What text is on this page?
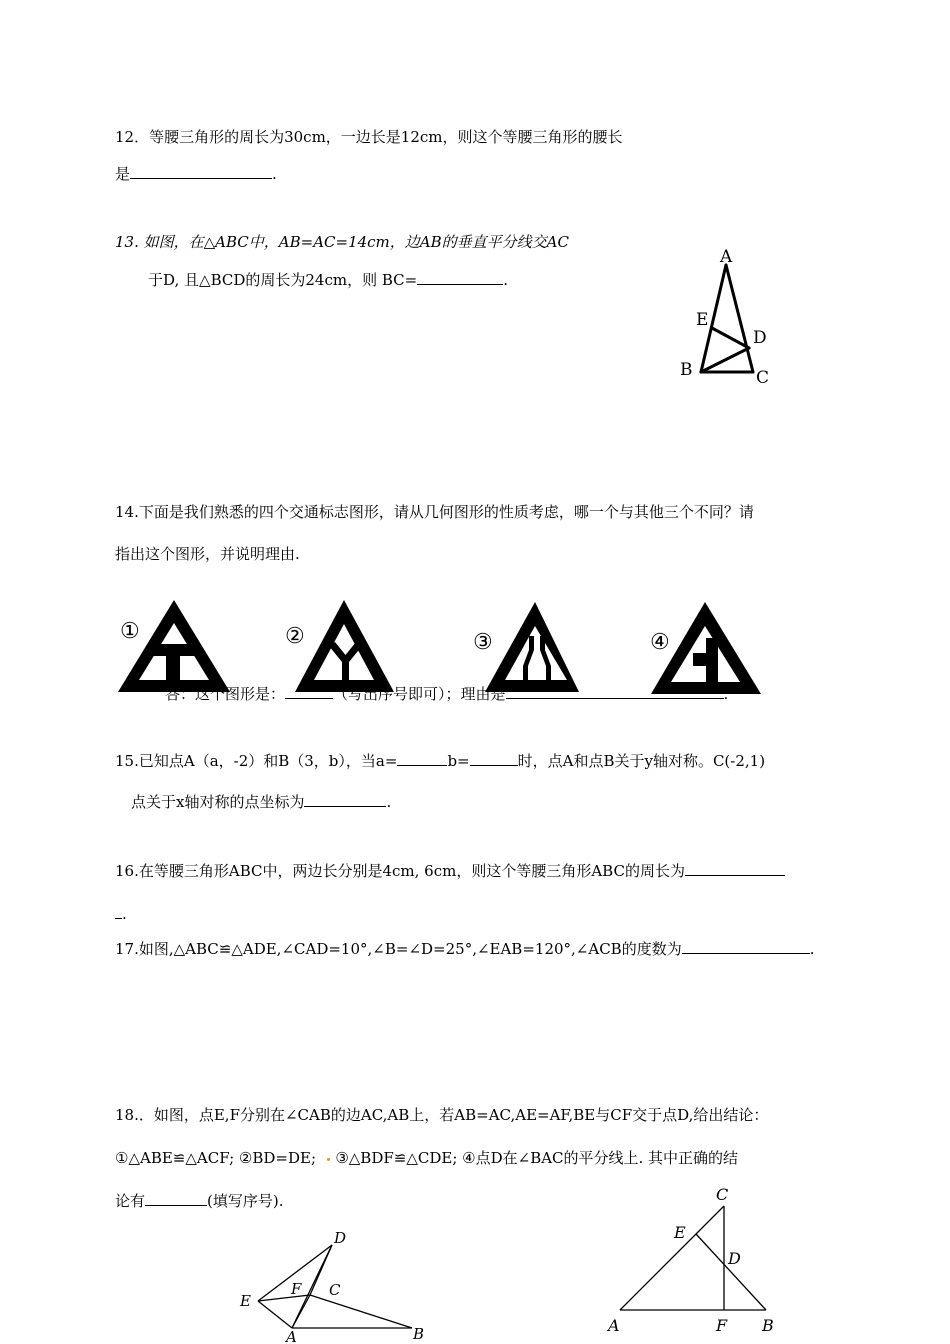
12．等腰三角形的周长为30cm，一边长是12cm，则这个等腰三角形的腰长
是	.
13. 如图，在△ABC中，AB=AC=14cm，边AB的垂直平分线交AC
于D, 且△BCD的周长为24cm，则 BC=	.
A
E
D
B	C
14.下面是我们熟悉的四个交通标志图形，请从几何图形的性质考虑，哪一个与其他三个不同？请
指出这个图形，并说明理由.
①	②	③	④
答：这个图形是：	（写出序号即可）；理由是	.
15.已知点A（a，-2）和B（3，b），当a=	b=	时，点A和点B关于y轴对称。C(-2,1)
点关于x轴对称的点坐标为	.
16.在等腰三角形ABC中，两边长分别是4cm, 6cm，则这个等腰三角形ABC的周长为
.
17.如图,△ABC≌△ADE,∠CAD=10°,∠B=∠D=25°,∠EAB=120°,∠ACB的度数为	.
18.．如图，点E,F分别在∠CAB的边AC,AB上，若AB=AC,AE=AF,BE与CF交于点D,给出结论：
①△ABE≌△ACF; ②BD=DE; ③△BDF≌△CDE; ④点D在∠BAC的平分线上. 其中正确的结
论有	(填写序号).
D
E
F C
A	B
C
E
D
A	F B
